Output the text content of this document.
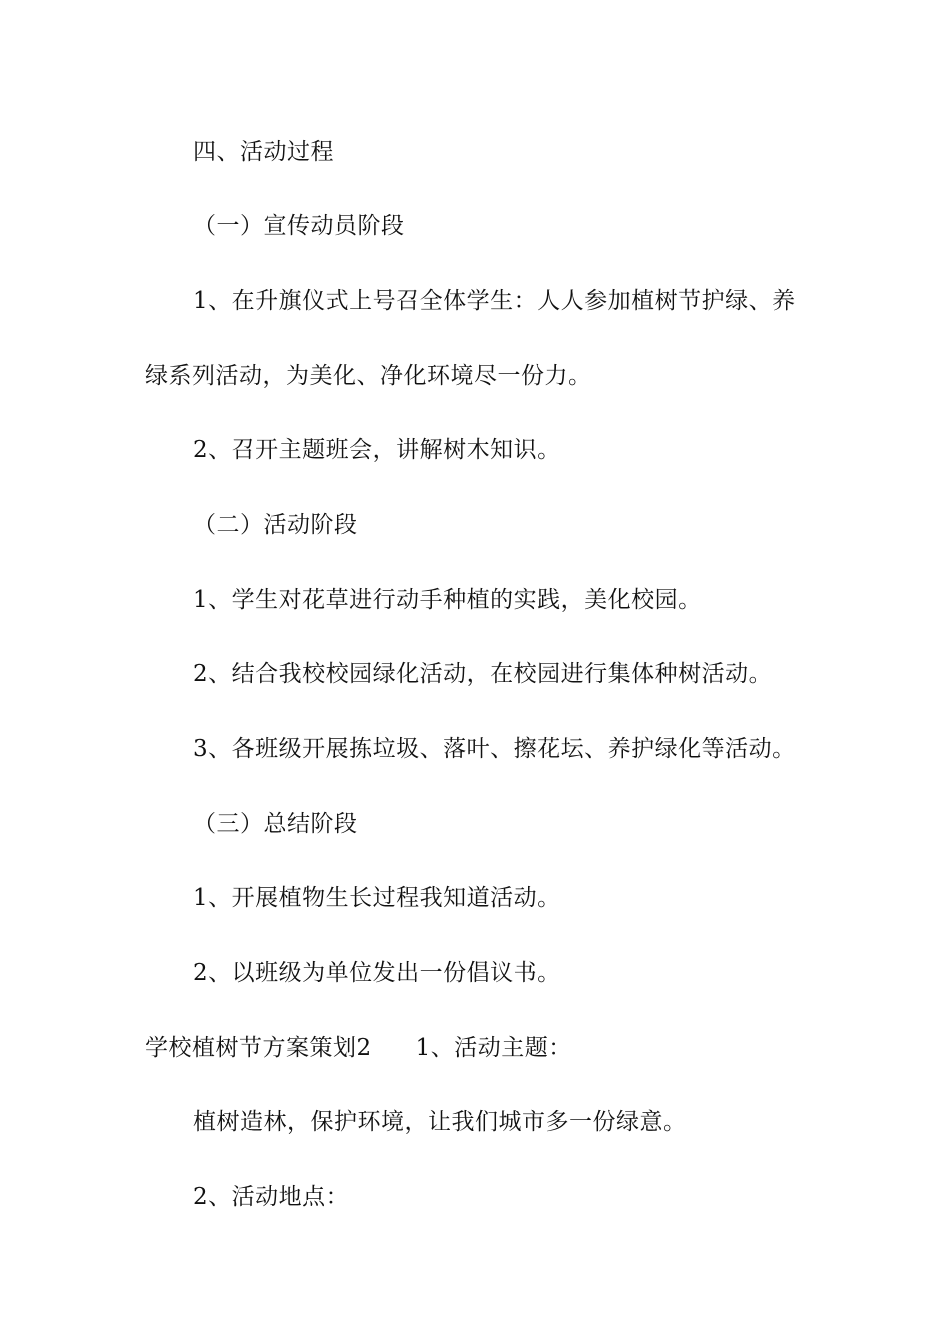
四、活动过程
（一）宣传动员阶段
1、在升旗仪式上号召全体学生：人人参加植树节护绿、养
绿系列活动，为美化、净化环境尽一份力。
2、召开主题班会，讲解树木知识。
（二）活动阶段
1、学生对花草进行动手种植的实践，美化校园。
2、结合我校校园绿化活动，在校园进行集体种树活动。
3、各班级开展拣垃圾、落叶、擦花坛、养护绿化等活动。
（三）总结阶段
1、开展植物生长过程我知道活动。
2、以班级为单位发出一份倡议书。
学校植树节方案策划2 1、活动主题：
植树造林，保护环境，让我们城市多一份绿意。
2、活动地点：
